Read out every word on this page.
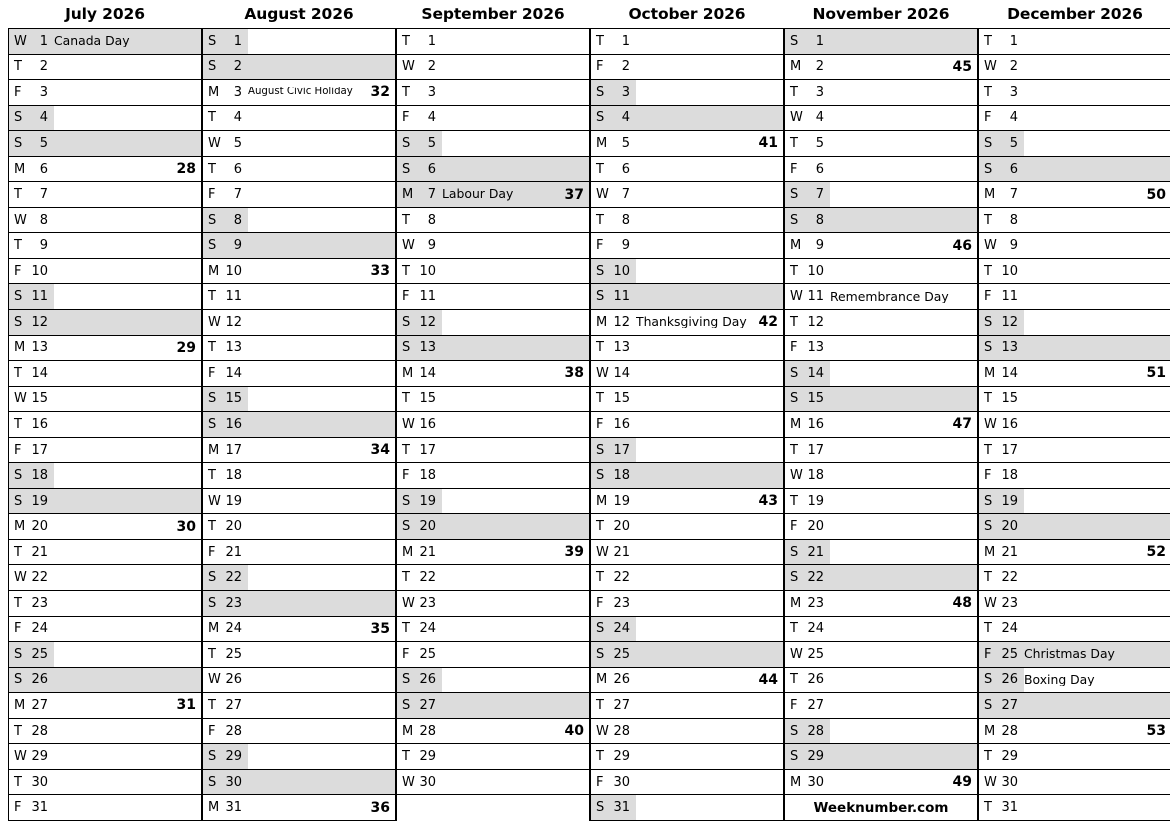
July 2026
W 1 Canada Day
T	2
F	3
S	4
S	5
M	6	28
T	7
W 8
T	9
F 10
S 11
S 12
M 13	29
T 14
W 15
T 16
F 17
S 18
S 19
M 20	30
T 21
W 22
T 23
F 24
S 25
S 26
M 27	31
T 28
W 29
T 30
F 31
August 2026
S	1
S	2
M	3 August Civic Holiday	32
T	4
W 5
T	6
F	7
S	8
S	9
M 10	33
T 11
W 12
T 13
F 14
S 15
S 16
M 17	34
T 18
W 19
T 20
F 21
S 22
S 23
M 24	35
T 25
W 26
T 27
F 28
S 29
S 30
M 31	36
September 2026
T	1
W 2
T	3
F	4
S	5
S	6
M	7 Labour Day	37
T	8
W 9
T 10
F 11
S 12
S 13
M 14	38
T 15
W 16
T 17
F 18
S 19
S 20
M 21	39
T 22
W 23
T 24
F 25
S 26
S 27
M 28	40
T 29
W 30
October 2026
T	1
F	2
S	3
S	4
M	5	41
T	6
W 7
T	8
F	9
S 10
S 11
M 12 Thanksgiving Day 42
T 13
W 14
T 15
F 16
S 17
S 18
M 19	43
T 20
W 21
T 22
F 23
S 24
S 25
M 26	44
T 27
W 28
T 29
F 30
S 31
November 2026
S	1
M	2	45
T	3
W 4
T	5
F	6
S	7
S	8
M	9	46
T 10
W 11 Remembrance Day
T 12
F 13
S 14
S 15
M 16	47
T 17
W 18
T 19
F 20
S 21
S 22
M 23	48
T 24
W 25
T 26
F 27
S 28
S 29
M 30	49
Weeknumber.com
December 2026
T	1
W 2
T	3
F	4
S	5
S	6
M	7	50
T	8
W 9
T 10
F 11
S 12
S 13
M 14	51
T 15
W 16
T 17
F 18
S 19
S 20
M 21	52
T 22
W 23
T 24
F 25 Christmas Day
S 26 Boxing Day
S 27
M 28	53
T 29
W 30
T 31
